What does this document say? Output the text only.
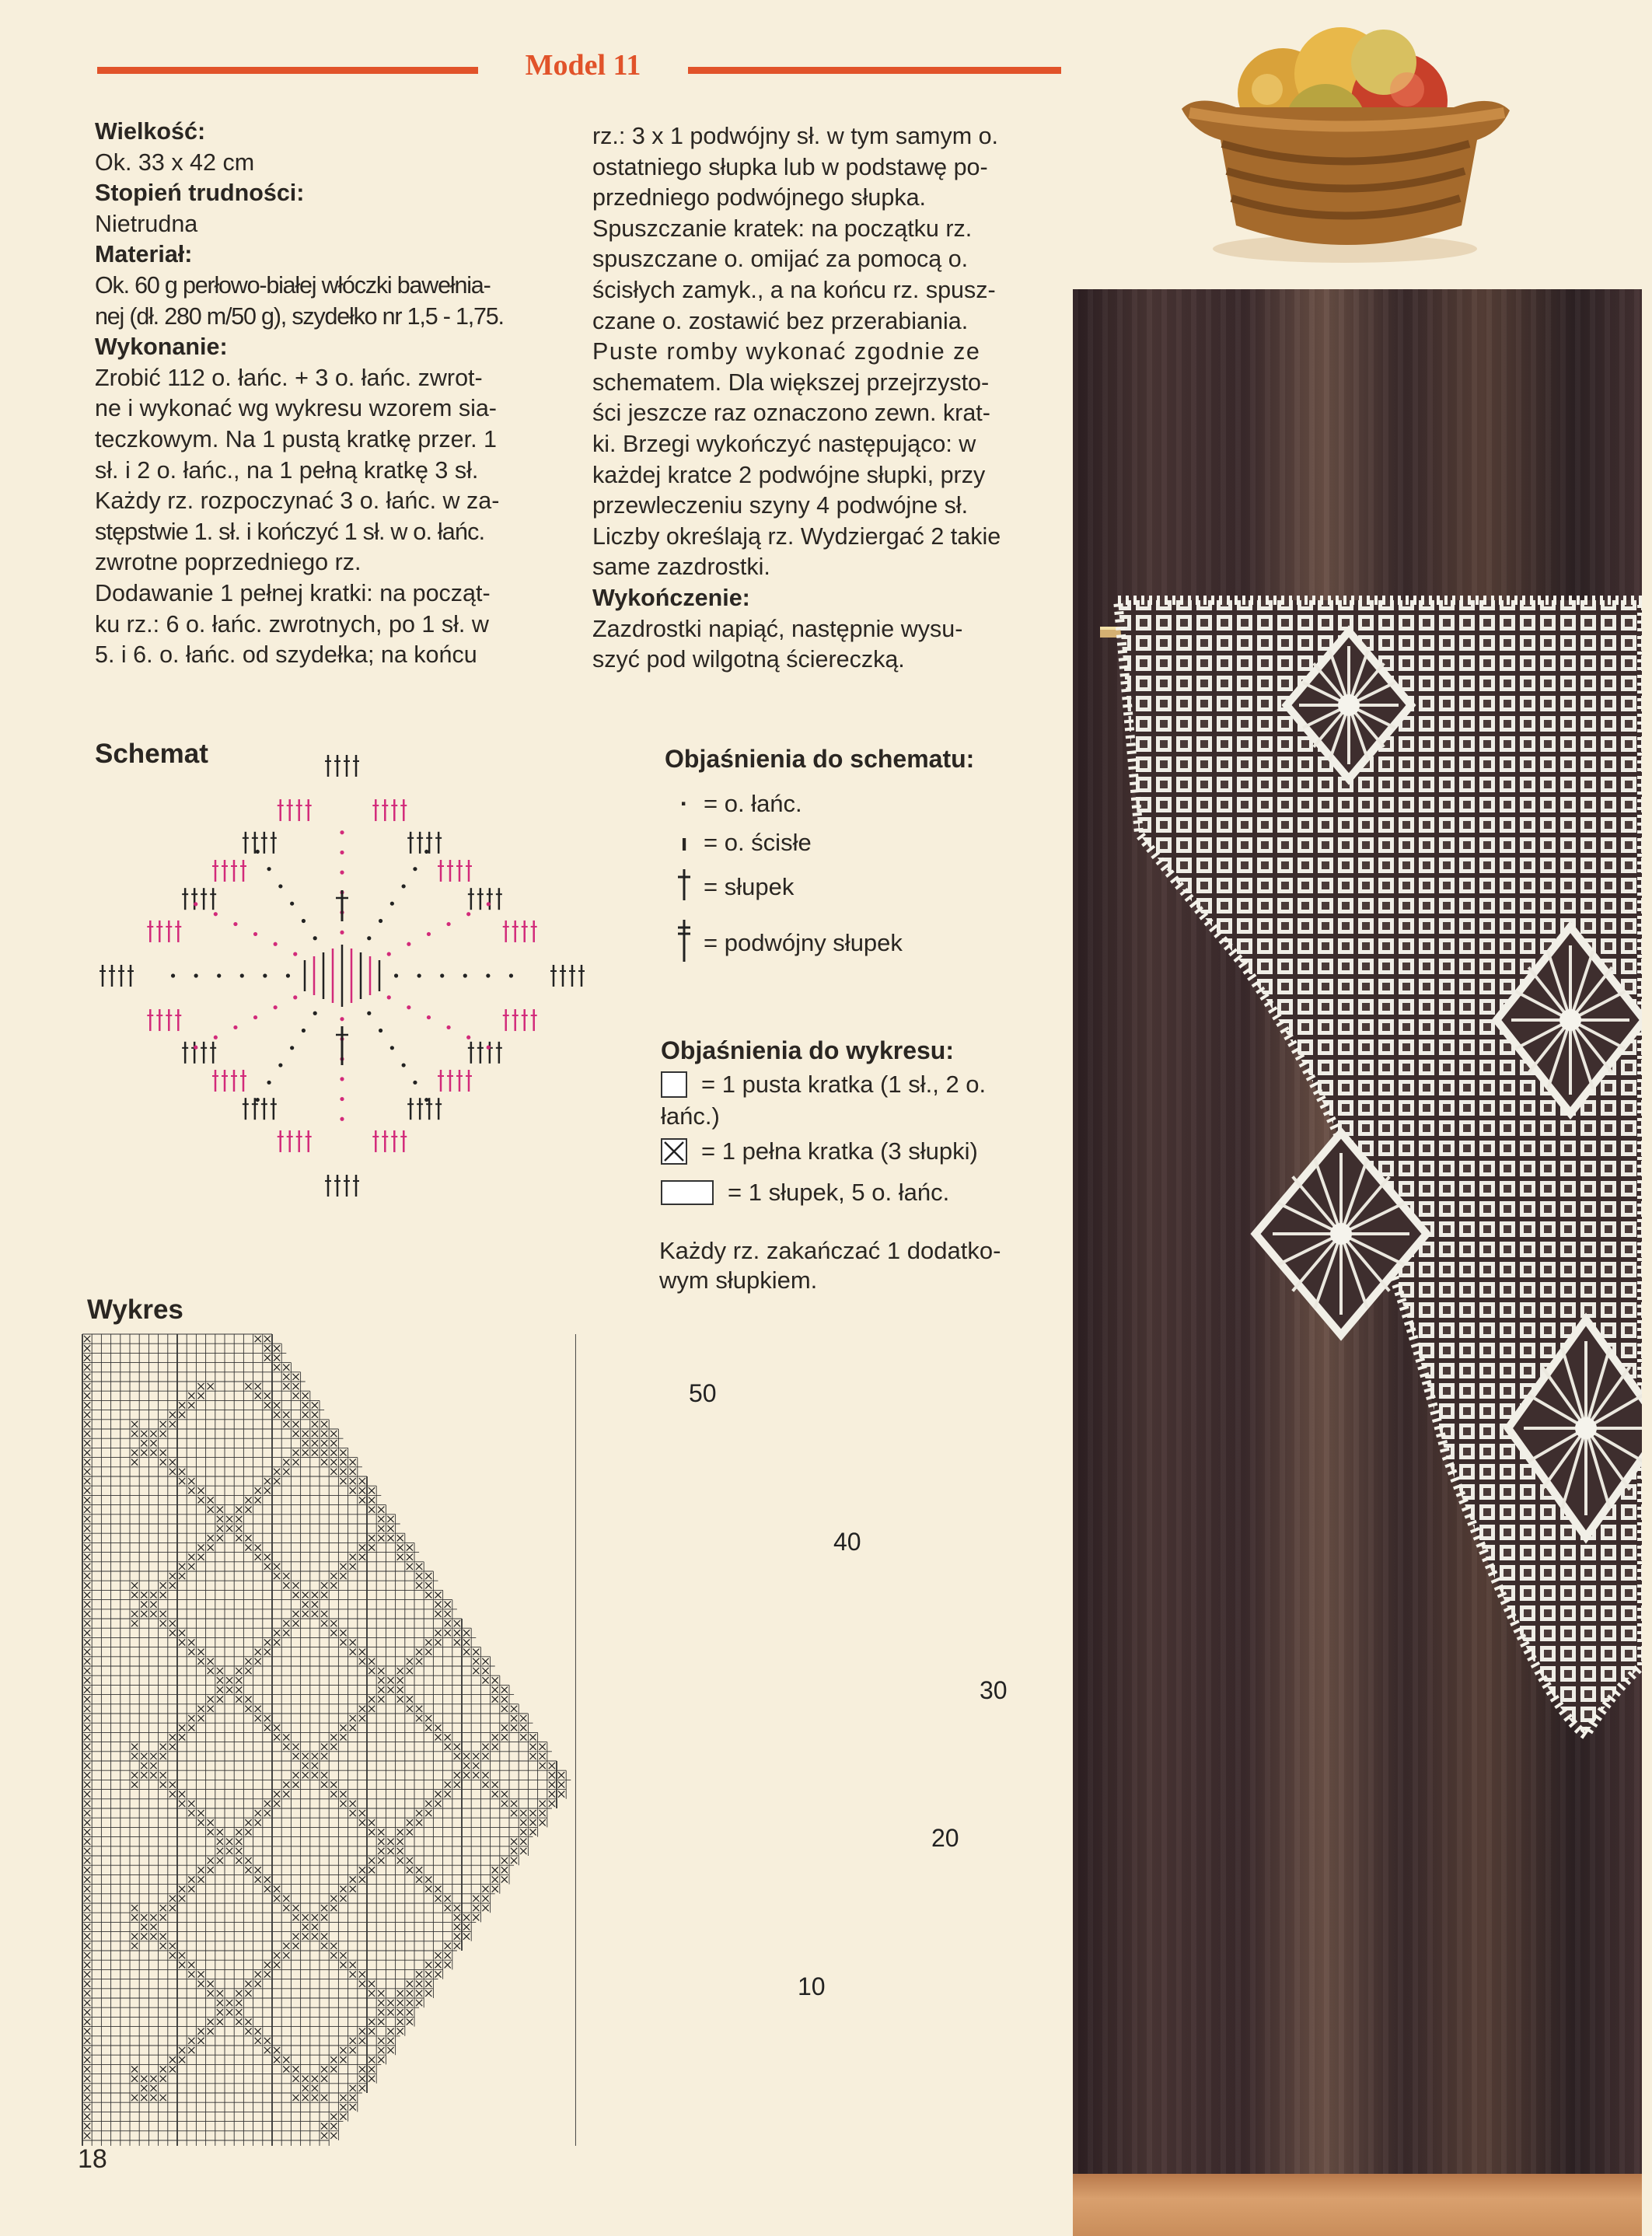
Model 11
Wielkość:
Ok. 33 x 42 cm
Stopień trudności:
Nietrudna
Materiał:
Ok. 60 g perłowo-białej włóczki bawełnia-
nej (dł. 280 m/50 g), szydełko nr 1,5 - 1,75.
Wykonanie:
Zrobić 112 o. łańc. + 3 o. łańc. zwrot-
ne i wykonać wg wykresu wzorem sia-
teczkowym. Na 1 pustą kratkę przer. 1
sł. i 2 o. łańc., na 1 pełną kratkę 3 sł.
Każdy rz. rozpoczynać 3 o. łańc. w za-
stępstwie 1. sł. i kończyć 1 sł. w o. łańc.
zwrotne poprzedniego rz.
Dodawanie 1 pełnej kratki: na począt-
ku rz.: 6 o. łańc. zwrotnych, po 1 sł. w
5. i 6. o. łańc. od szydełka; na końcu
rz.: 3 x 1 podwójny sł. w tym samym o.
ostatniego słupka lub w podstawę po-
przedniego podwójnego słupka.
Spuszczanie kratek: na początku rz.
spuszczane o. omijać za pomocą o.
ścisłych zamyk., a na końcu rz. spusz-
czane o. zostawić bez przerabiania.
Puste romby wykonać zgodnie ze
schematem. Dla większej przejrzysto-
ści jeszcze raz oznaczono zewn. krat-
ki. Brzegi wykończyć następująco: w
każdej kratce 2 podwójne słupki, przy
przewleczeniu szyny 4 podwójne sł.
Liczby określają rz. Wydziergać 2 takie
same zazdrostki.
Wykończenie:
Zazdrostki napiąć, następnie wysu-
szyć pod wilgotną ściereczką.
Schemat	Objaśnienia do schematu:
· = o. łańc.
ı = o. ścisłe
= słupek
= podwójny słupek
Objaśnienia do wykresu:
= 1 pusta kratka (1 sł., 2 o.
łańc.)
= 1 pełna kratka (3 słupki)
= 1 słupek, 5 o. łańc.
Każdy rz. zakańczać 1 dodatko-
wym słupkiem.
Wykres
50
40
30
20
10
18
